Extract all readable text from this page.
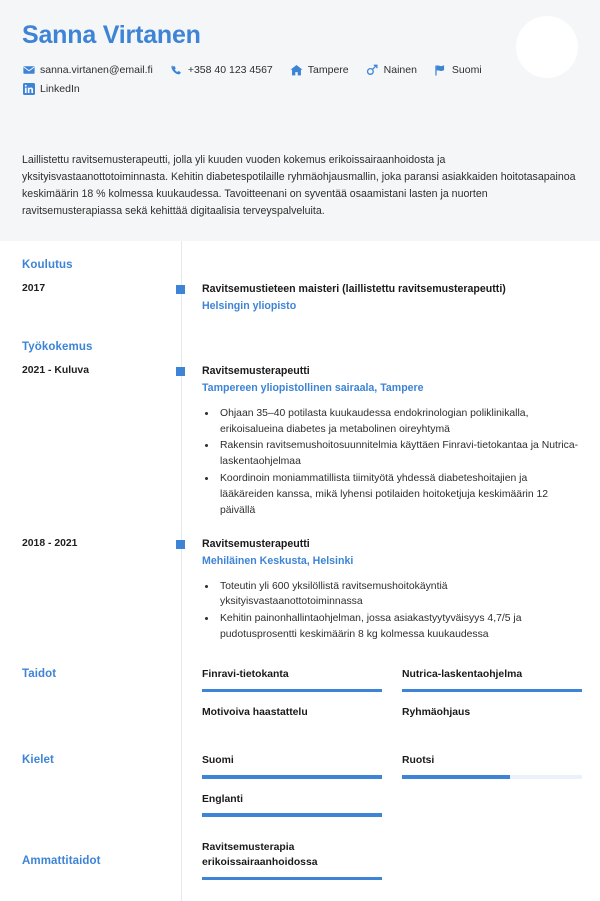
Sanna Virtanen
sanna.virtanen@email.fi	+358 40 123 4567	Tampere	Nainen	Suomi
LinkedIn
Laillistettu ravitsemusterapeutti, jolla yli kuuden vuoden kokemus erikoissairaanhoidosta ja yksityisvastaanottotoiminnasta. Kehitin diabetespotilaille ryhmäohjausmallin, joka paransi asiakkaiden hoitotasapainoa keskimäärin 18 % kolmessa kuukaudessa. Tavoitteenani on syventää osaamistani lasten ja nuorten ravitsemusterapiassa sekä kehittää digitaalisia terveyspalveluita.
Koulutus
2017	Ravitsemustieteen maisteri (laillistettu ravitsemusterapeutti)
Helsingin yliopisto
Työkokemus
2021 - Kuluva	Ravitsemusterapeutti
Tampereen yliopistollinen sairaala, Tampere
• Ohjaan 35–40 potilasta kuukaudessa endokrinologian poliklinikalla, erikoisalueina diabetes ja metabolinen oireyhtymä
• Rakensin ravitsemushoitosuunnitelmia käyttäen Finravi-tietokantaa ja Nutrica-laskentaohjelmaa
• Koordinoin moniammatillista tiimityötä yhdessä diabeteshoitajien ja lääkäreiden kanssa, mikä lyhensi potilaiden hoitoketjuja keskimäärin 12 päivällä
2018 - 2021	Ravitsemusterapeutti
Mehiläinen Keskusta, Helsinki
• Toteutin yli 600 yksilöllistä ravitsemushoitokäyntiä yksityisvastaanottotoiminnassa
• Kehitin painonhallintaohjelman, jossa asiakastyytyväisyys 4,7/5 ja pudotusprosentti keskimäärin 8 kg kolmessa kuukaudessa
Taidot	Finravi-tietokanta	Nutrica-laskentaohjelma
Motivoiva haastattelu	Ryhmäohjaus
Kielet	Suomi	Ruotsi
Englanti
Ammattitaidot
Ravitsemusterapia erikoissairaanhoidossa
